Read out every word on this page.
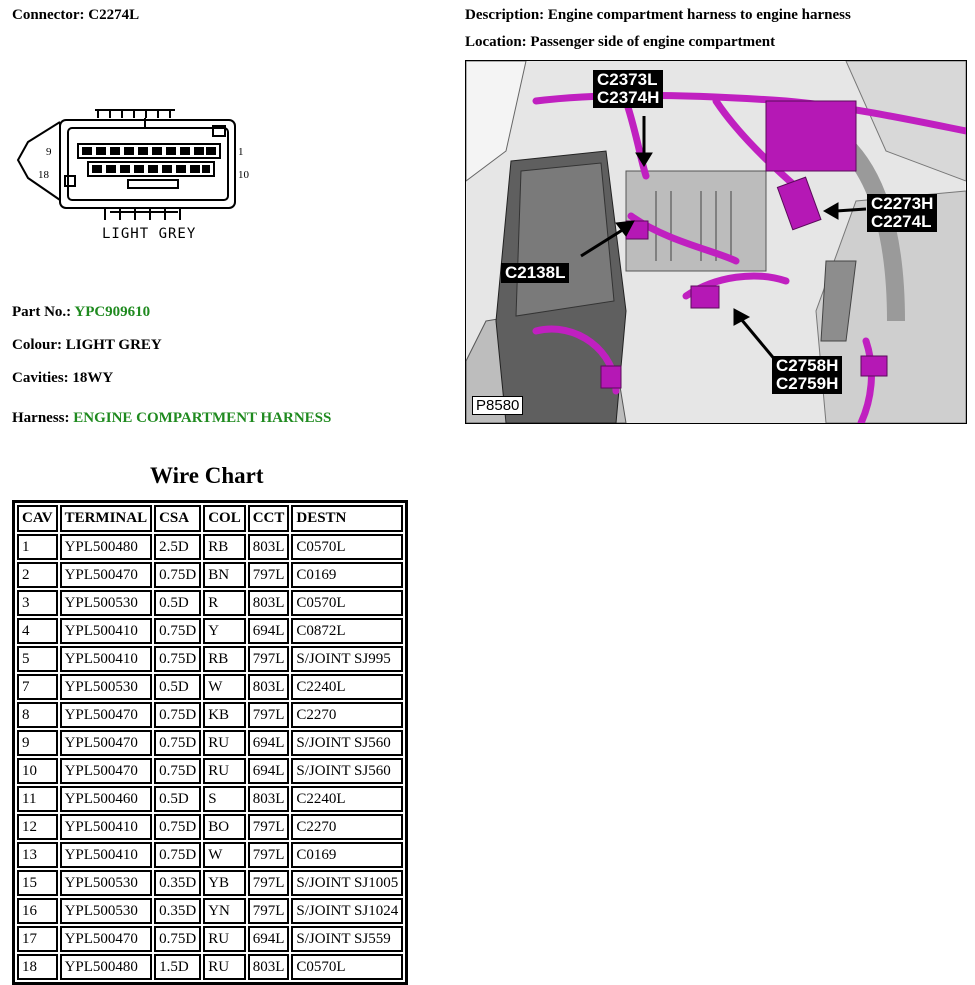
Connector: C2274L	Description: Engine compartment harness to engine harness
Location: Passenger side of engine compartment
9
18
1
10
LIGHT GREY
Part No.: YPC909610
Colour: LIGHT GREY
Cavities: 18WY
Harness: ENGINE COMPARTMENT HARNESS
C2373L
C2374H
C2273H
C2274L
C2138L
C2758H
C2759H
P8580
Wire Chart
CAV	TERMINAL	CSA	COL	CCT	DESTN
1	YPL500480	2.5D	RB	803L	C0570L
2	YPL500470	0.75D	BN	797L	C0169
3	YPL500530	0.5D	R	803L	C0570L
4	YPL500410	0.75D	Y	694L	C0872L
5	YPL500410	0.75D	RB	797L	S/JOINT SJ995
7	YPL500530	0.5D	W	803L	C2240L
8	YPL500470	0.75D	KB	797L	C2270
9	YPL500470	0.75D	RU	694L	S/JOINT SJ560
10	YPL500470	0.75D	RU	694L	S/JOINT SJ560
11	YPL500460	0.5D	S	803L	C2240L
12	YPL500410	0.75D	BO	797L	C2270
13	YPL500410	0.75D	W	797L	C0169
15	YPL500530	0.35D	YB	797L	S/JOINT SJ1005
16	YPL500530	0.35D	YN	797L	S/JOINT SJ1024
17	YPL500470	0.75D	RU	694L	S/JOINT SJ559
18	YPL500480	1.5D	RU	803L	C0570L
